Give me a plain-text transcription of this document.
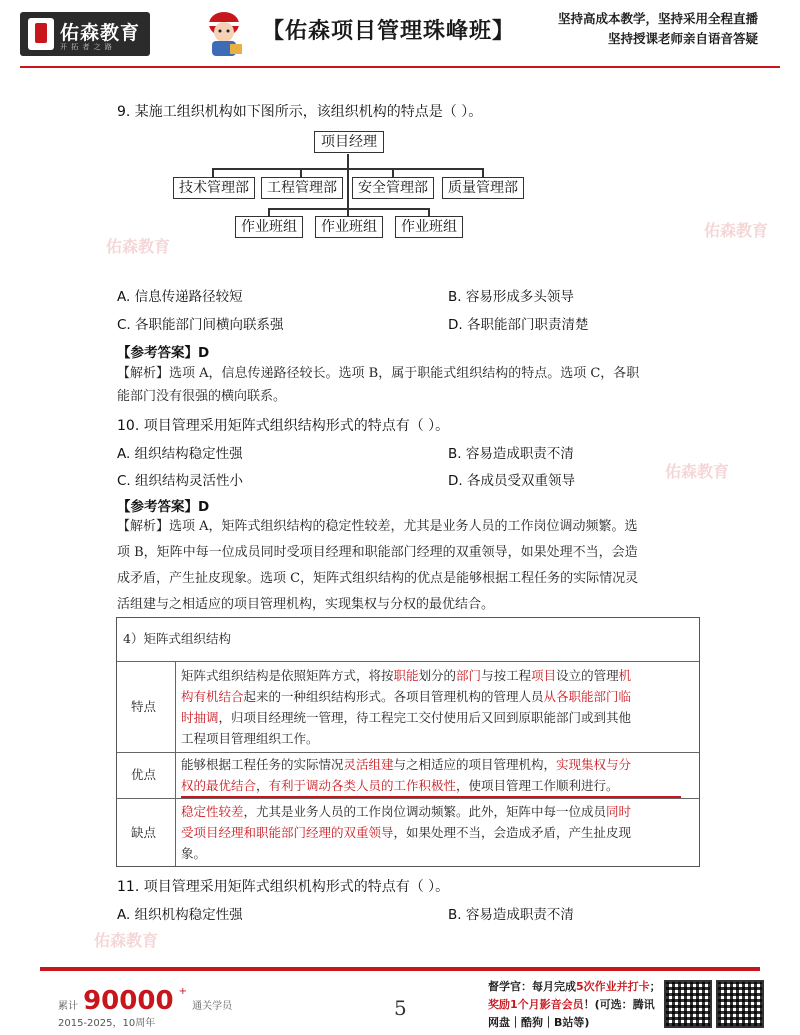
佑森教育
开 拓 者 之 路
【佑森项目管理珠峰班】
坚持高成本教学，坚持采用全程直播
坚持授课老师亲自语音答疑
佑森教育
佑森教育
佑森教育
佑森教育
9. 某施工组织机构如下图所示，该组织机构的特点是（ ）。
项目经理
技术管理部	工程管理部	安全管理部	质量管理部
作业班组	作业班组	作业班组
A. 信息传递路径较短	B. 容易形成多头领导
C. 各职能部门间横向联系强	D. 各职能部门职责清楚
【参考答案】D
【解析】选项 A，信息传递路径较长。选项 B，属于职能式组织结构的特点。选项 C，各职
能部门没有很强的横向联系。
10. 项目管理采用矩阵式组织结构形式的特点有（ ）。
A. 组织结构稳定性强	B. 容易造成职责不清
C. 组织结构灵活性小	D. 各成员受双重领导
【参考答案】D
【解析】选项 A，矩阵式组织结构的稳定性较差，尤其是业务人员的工作岗位调动频繁。选
项 B，矩阵中每一位成员同时受项目经理和职能部门经理的双重领导，如果处理不当，会造
成矛盾，产生扯皮现象。选项 C，矩阵式组织结构的优点是能够根据工程任务的实际情况灵
活组建与之相适应的项目管理机构，实现集权与分权的最优结合。
4）矩阵式组织结构
特点
矩阵式组织结构是依照矩阵方式，将按职能划分的部门与按工程项目设立的管理机
构有机结合起来的一种组织结构形式。各项目管理机构的管理人员从各职能部门临
时抽调，归项目经理统一管理，待工程完工交付使用后又回到原职能部门或到其他
工程项目管理组织工作。
优点
能够根据工程任务的实际情况灵活组建与之相适应的项目管理机构，实现集权与分
权的最优结合，有利于调动各类人员的工作积极性，使项目管理工作顺利进行。
缺点
稳定性较差，尤其是业务人员的工作岗位调动频繁。此外，矩阵中每一位成员同时
受项目经理和职能部门经理的双重领导，如果处理不当，会造成矛盾，产生扯皮现
象。
11. 项目管理采用矩阵式组织机构形式的特点有（ ）。
A. 组织机构稳定性强	B. 容易造成职责不清
累计 90000 + 通关学员
2015-2025，10周年
5
督学官：每月完成5次作业并打卡；
奖励1个月影音会员！(可选：腾讯
网盘｜酷狗｜B站等)
